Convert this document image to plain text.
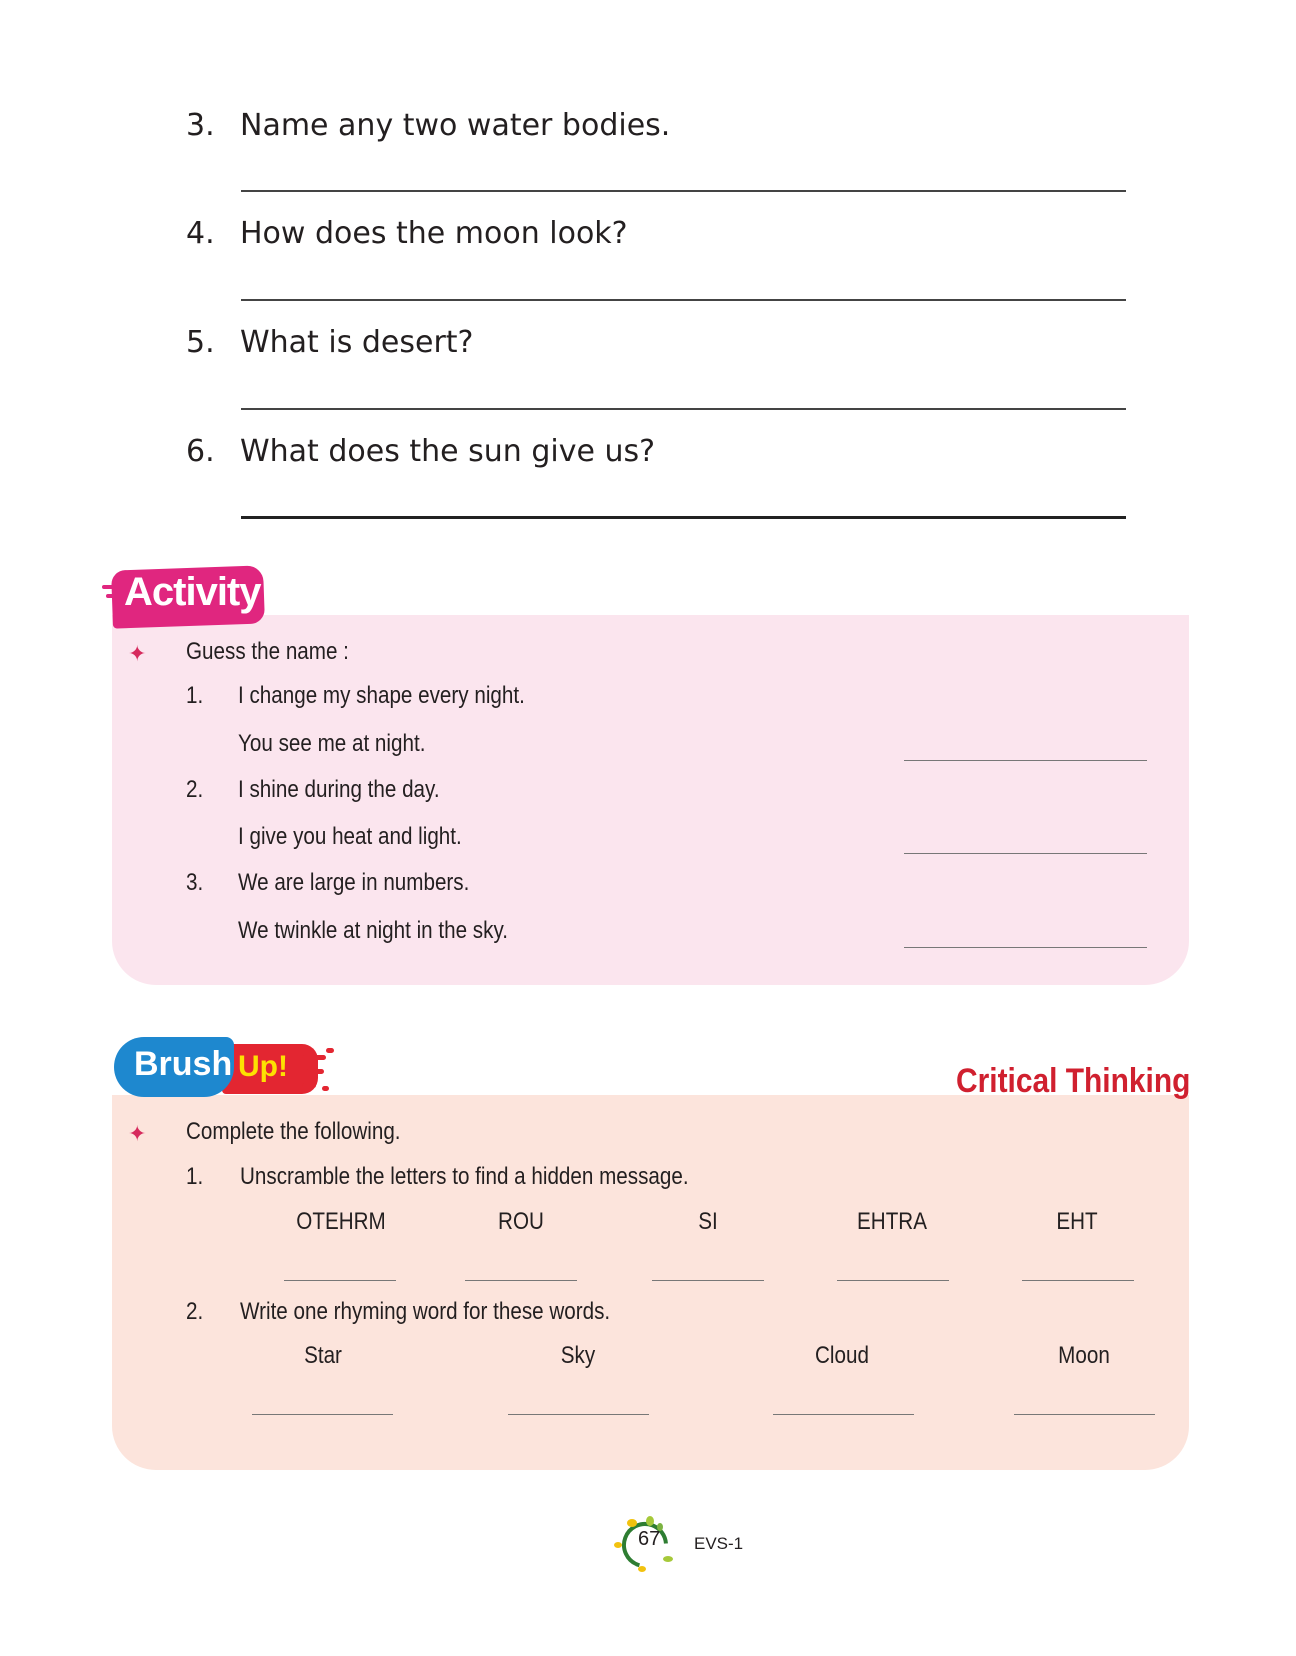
3. Name any two water bodies.
4. How does the moon look?
5. What is desert?
6. What does the sun give us?
Activity
✦ Guess the name :
1. I change my shape every night.
You see me at night.
2. I shine during the day.
I give you heat and light.
3. We are large in numbers.
We twinkle at night in the sky.
Brush Up!	Critical Thinking
✦ Complete the following.
1. Unscramble the letters to find a hidden message.
OTEHRM	ROU	SI	EHTRA	EHT
2. Write one rhyming word for these words.
Star	Sky	Cloud	Moon
67 EVS-1
